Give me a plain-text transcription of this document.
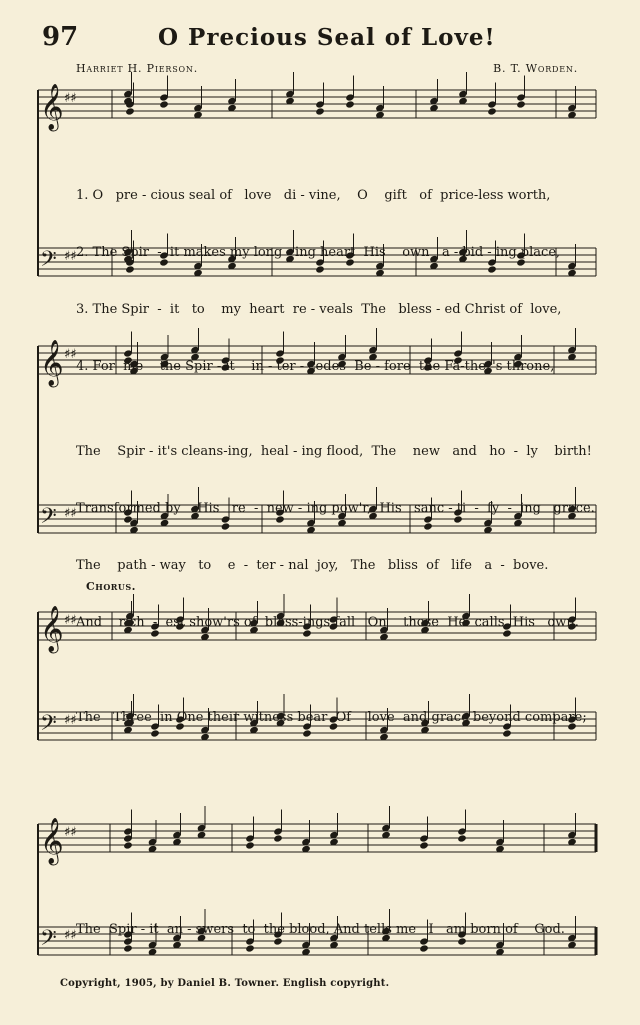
97	O Precious Seal of Love!
Harriet H. Pierson.	B. T. Worden.
𝄞 ♯♯
𝄢 ♯♯
𝄞 ♯♯
𝄢 ♯♯
𝄞 ♯♯
𝄢 ♯♯
𝄞 ♯♯
𝄢 ♯♯

1. O   pre - cious seal of   love   di - vine,    O    gift   of  price-less worth,

2. The Spir  -  it makes my long - ing heart  His    own   a - bid - ing place,

3. The Spir  -  it   to    my  heart  re - veals  The   bless - ed Christ of  love,

4. For  me    the Spir - it    in - ter - cedes  Be - fore  the Fa-ther's throne,

The    Spir - it's cleans-ing,  heal - ing flood,  The    new   and   ho  -  ly    birth!

Transformed by    His   re  -  new - ing pow'r,  His   sanc - ti  -  fy  -  ing   grace.

The    path - way   to    e  -  ter - nal  joy,   The   bliss  of   life   a  -  bove.

And    rich  -  est show'rs of  bless-ings fall   On    those  He  calls  His   own.

Chorus.

The   Three  in One their witness bear  Of    love  and grace beyond compare;

The  Spir - it  an - swers  to  the blood, And tells me   I   am born of    God.

Copyright, 1905, by Daniel B. Towner. English copyright.
